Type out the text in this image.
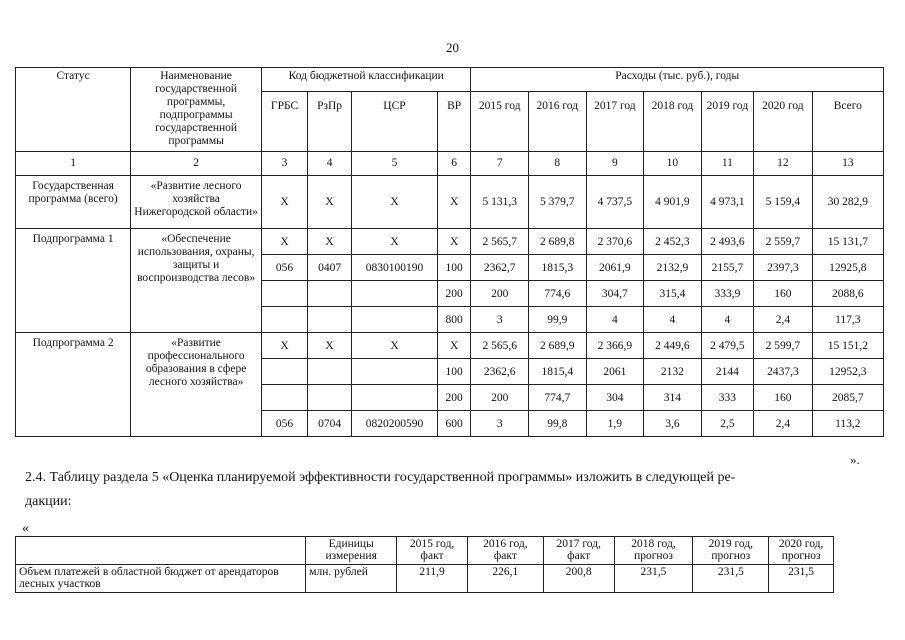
20
Статус	Наименование государственной программы, подпрограммы государственной программы	Код бюджетной классификации				Расходы (тыс. руб.), годы						
		ГРБС	РзПр	ЦСР	ВР	2015 год	2016 год	2017 год	2018 год	2019 год	2020 год	Всего
1	2	3	4	5	6	7	8	9	10	11	12	13
Государственная программа (всего)	«Развитие лесного хозяйства Нижегородской области»	Х	Х	Х	Х	5 131,3	5 379,7	4 737,5	4 901,9	4 973,1	5 159,4	30 282,9
Подпрограмма 1	«Обеспечение использования, охраны, защиты и воспроизводства лесов»	Х	Х	Х	Х	2 565,7	2 689,8	2 370,6	2 452,3	2 493,6	2 559,7	15 131,7
		056	0407	0830100190	100	2362,7	1815,3	2061,9	2132,9	2155,7	2397,3	12925,8
					200	200	774,6	304,7	315,4	333,9	160	2088,6
					800	3	99,9	4	4	4	2,4	117,3
Подпрограмма 2	«Развитие профессионального образования в сфере лесного хозяйства»	Х	Х	Х	Х	2 565,6	2 689,9	2 366,9	2 449,6	2 479,5	2 599,7	15 151,2
					100	2362,6	1815,4	2061	2132	2144	2437,3	12952,3
					200	200	774,7	304	314	333	160	2085,7
		056	0704	0820200590	600	3	99,8	1,9	3,6	2,5	2,4	113,2
».
2.4. Таблицу раздела 5 «Оценка планируемой эффективности государственной программы» изложить в следующей ре-
дакции:
«
	Единицы измерения	2015 год, факт	2016 год, факт	2017 год, факт	2018 год, прогноз	2019 год, прогноз	2020 год, прогноз
Объем платежей в областной бюджет от арендаторов лесных участков	млн. рублей	211,9	226,1	200,8	231,5	231,5	231,5
